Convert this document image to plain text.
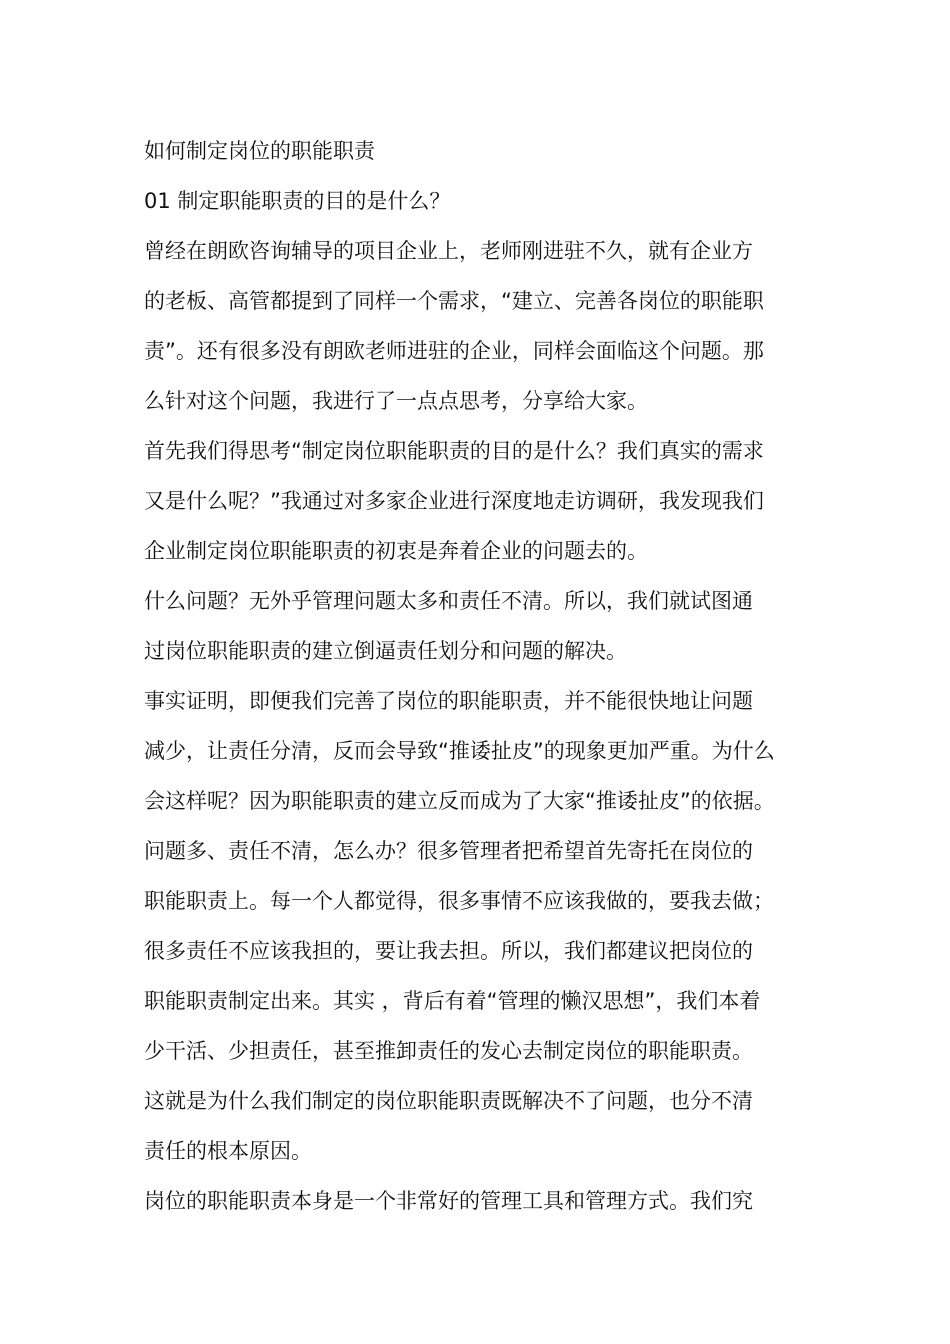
如何制定岗位的职能职责
01 制定职能职责的目的是什么？
曾经在朗欧咨询辅导的项目企业上，老师刚进驻不久，就有企业方
的老板、高管都提到了同样一个需求，“建立、完善各岗位的职能职
责”。还有很多没有朗欧老师进驻的企业，同样会面临这个问题。那
么针对这个问题，我进行了一点点思考，分享给大家。
首先我们得思考“制定岗位职能职责的目的是什么？我们真实的需求
又是什么呢？”我通过对多家企业进行深度地走访调研，我发现我们
企业制定岗位职能职责的初衷是奔着企业的问题去的。
什么问题？无外乎管理问题太多和责任不清。所以，我们就试图通
过岗位职能职责的建立倒逼责任划分和问题的解决。
事实证明，即便我们完善了岗位的职能职责，并不能很快地让问题
减少，让责任分清，反而会导致“推诿扯皮”的现象更加严重。为什么
会这样呢？因为职能职责的建立反而成为了大家“推诿扯皮”的依据。
问题多、责任不清，怎么办？很多管理者把希望首先寄托在岗位的
职能职责上。每一个人都觉得，很多事情不应该我做的，要我去做；
很多责任不应该我担的，要让我去担。所以，我们都建议把岗位的
职能职责制定出来。其实 ，背后有着“管理的懒汉思想”，我们本着
少干活、少担责任，甚至推卸责任的发心去制定岗位的职能职责。
这就是为什么我们制定的岗位职能职责既解决不了问题，也分不清
责任的根本原因。
岗位的职能职责本身是一个非常好的管理工具和管理方式。我们究
